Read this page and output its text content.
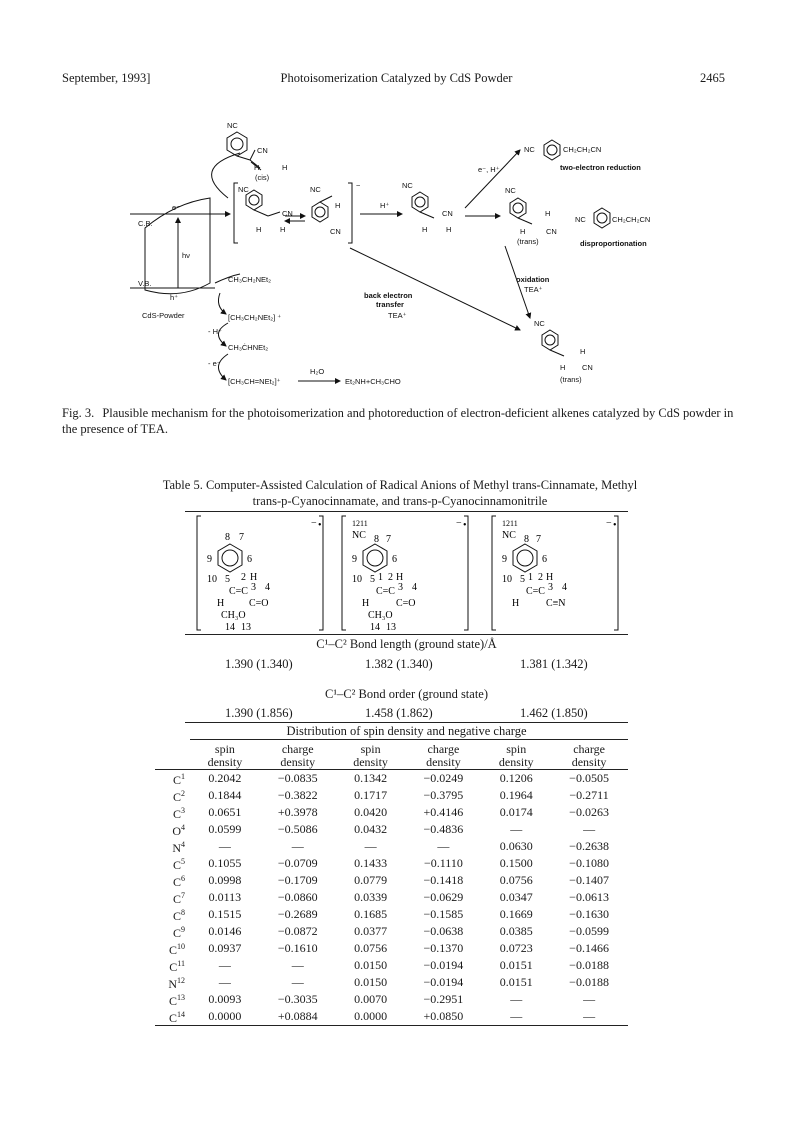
September, 1993]	Photoisomerization Catalyzed by CdS Powder	2465
NC
CN
H	H
(cis)
C.B.
V.B.
hν
e⁻
h⁺
CdS-Powder
CH₃CH₂NEt₂
[CH₃CH₂NEt₂] ⁺
- H⁺
CH₃ĊHNEt₂
- e⁻
[CH₃CH=NEt₂]⁺
H₂O
Et₂NH+CH₃CHO
NC
CN
H H
NC
H
CN
−
H⁺
NC
CN
H H
NC
H
H	CN
(trans)
e⁻, H⁺
NC	CH₂CH₂CN
two-electron reduction
NC	CH₂CH₂CN
disproportionation
oxidation
TEA⁺
back electron
transfer
TEA⁺
NC
H
H CN
(trans)
Fig. 3. Plausible mechanism for the photoisomerization and photoreduction of electron-deficient alkenes catalyzed by CdS powder in the presence of TEA.
Table 5. Computer-Assisted Calculation of Radical Anions of Methyl trans-Cinnamate, Methyl trans-p-Cyanocinnamate, and trans-p-Cyanocinnamonitrile
•
−
8 7
9	6
10 5 2 H
C=C 3 4
H C=O
CH₃O
14 13
•
−
1211
NC 8 7
9	6
10 5 1 2 H
C=C 3 4
H	C=O
CH₃O
14 13
•
−
1211
NC 8 7
9	6
10 5 1 2 H
C=C 3 4
H	C≡N
C¹–C² Bond length (ground state)/Å
1.390 (1.340)	1.382 (1.340)	1.381 (1.342)
C¹–C² Bond order (ground state)
1.390 (1.856)	1.458 (1.862)	1.462 (1.850)
Distribution of spin density and negative charge
	spin	charge	spin	charge	spin	charge
	density	density	density	density	density	density
$C^1$	0.2042	−0.0835	0.1342	−0.0249	0.1206	−0.0505
$C^2$	0.1844	−0.3822	0.1717	−0.3795	0.1964	−0.2711
$C^3$	0.0651	+0.3978	0.0420	+0.4146	0.0174	−0.0263
$O^4$	0.0599	−0.5086	0.0432	−0.4836	—	—
$N^4$	—	—	—	—	0.0630	−0.2638
$C^5$	0.1055	−0.0709	0.1433	−0.1110	0.1500	−0.1080
$C^6$	0.0998	−0.1709	0.0779	−0.1418	0.0756	−0.1407
$C^7$	0.0113	−0.0860	0.0339	−0.0629	0.0347	−0.0613
$C^8$	0.1515	−0.2689	0.1685	−0.1585	0.1669	−0.1630
$C^9$	0.0146	−0.0872	0.0377	−0.0638	0.0385	−0.0599
$C^{10}$	0.0937	−0.1610	0.0756	−0.1370	0.0723	−0.1466
$C^{11}$	—	—	0.0150	−0.0194	0.0151	−0.0188
$N^{12}$	—	—	0.0150	−0.0194	0.0151	−0.0188
$C^{13}$	0.0093	−0.3035	0.0070	−0.2951	—	—
$C^{14}$	0.0000	+0.0884	0.0000	+0.0850	—	—
